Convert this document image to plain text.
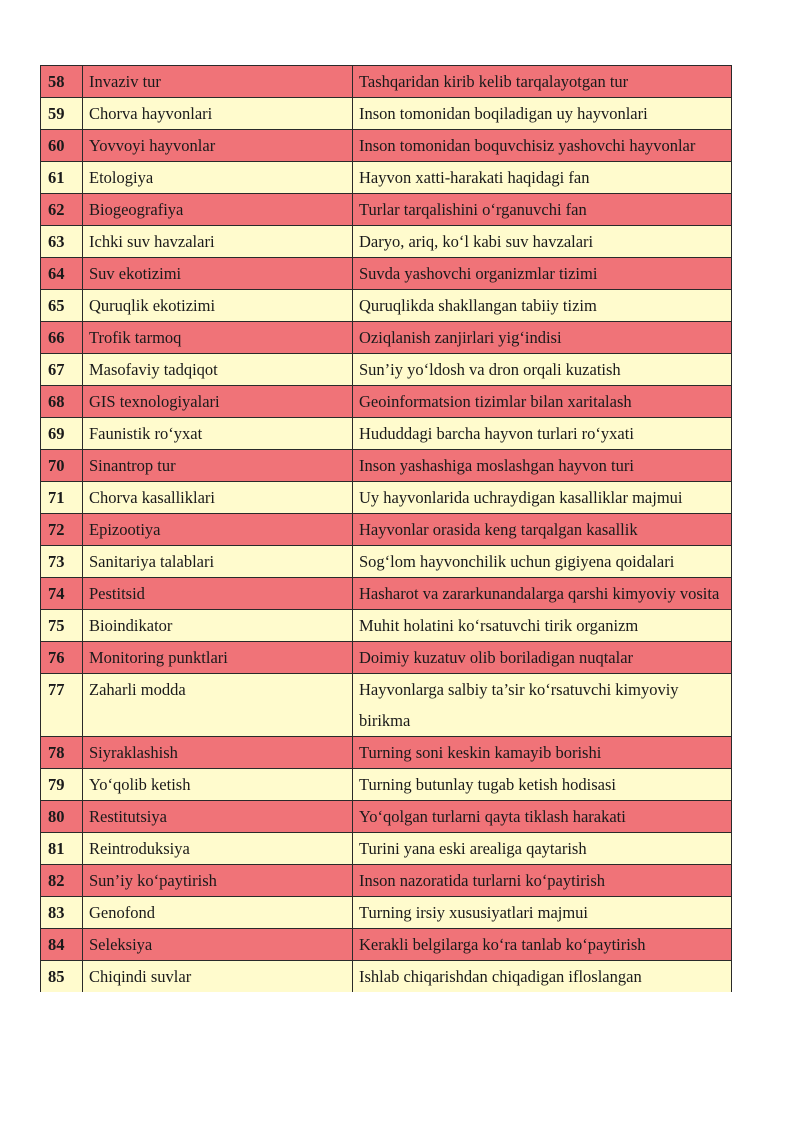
58	Invaziv tur	Tashqaridan kirib kelib tarqalayotgan tur
59	Chorva hayvonlari	Inson tomonidan boqiladigan uy hayvonlari
60	Yovvoyi hayvonlar	Inson tomonidan boquvchisiz yashovchi hayvonlar
61	Etologiya	Hayvon xatti-harakati haqidagi fan
62	Biogeografiya	Turlar tarqalishini o‘rganuvchi fan
63	Ichki suv havzalari	Daryo, ariq, ko‘l kabi suv havzalari
64	Suv ekotizimi	Suvda yashovchi organizmlar tizimi
65	Quruqlik ekotizimi	Quruqlikda shakllangan tabiiy tizim
66	Trofik tarmoq	Oziqlanish zanjirlari yig‘indisi
67	Masofaviy tadqiqot	Sun’iy yo‘ldosh va dron orqali kuzatish
68	GIS texnologiyalari	Geoinformatsion tizimlar bilan xaritalash
69	Faunistik ro‘yxat	Hududdagi barcha hayvon turlari ro‘yxati
70	Sinantrop tur	Inson yashashiga moslashgan hayvon turi
71	Chorva kasalliklari	Uy hayvonlarida uchraydigan kasalliklar majmui
72	Epizootiya	Hayvonlar orasida keng tarqalgan kasallik
73	Sanitariya talablari	Sog‘lom hayvonchilik uchun gigiyena qoidalari
74	Pestitsid	Hasharot va zararkunandalarga qarshi kimyoviy vosita
75	Bioindikator	Muhit holatini ko‘rsatuvchi tirik organizm
76	Monitoring punktlari	Doimiy kuzatuv olib boriladigan nuqtalar
77	Zaharli modda	Hayvonlarga salbiy ta’sir ko‘rsatuvchi kimyoviy birikma
78	Siyraklashish	Turning soni keskin kamayib borishi
79	Yo‘qolib ketish	Turning butunlay tugab ketish hodisasi
80	Restitutsiya	Yo‘qolgan turlarni qayta tiklash harakati
81	Reintroduksiya	Turini yana eski arealiga qaytarish
82	Sun’iy ko‘paytirish	Inson nazoratida turlarni ko‘paytirish
83	Genofond	Turning irsiy xususiyatlari majmui
84	Seleksiya	Kerakli belgilarga ko‘ra tanlab ko‘paytirish
85	Chiqindi suvlar	Ishlab chiqarishdan chiqadigan ifloslangan
